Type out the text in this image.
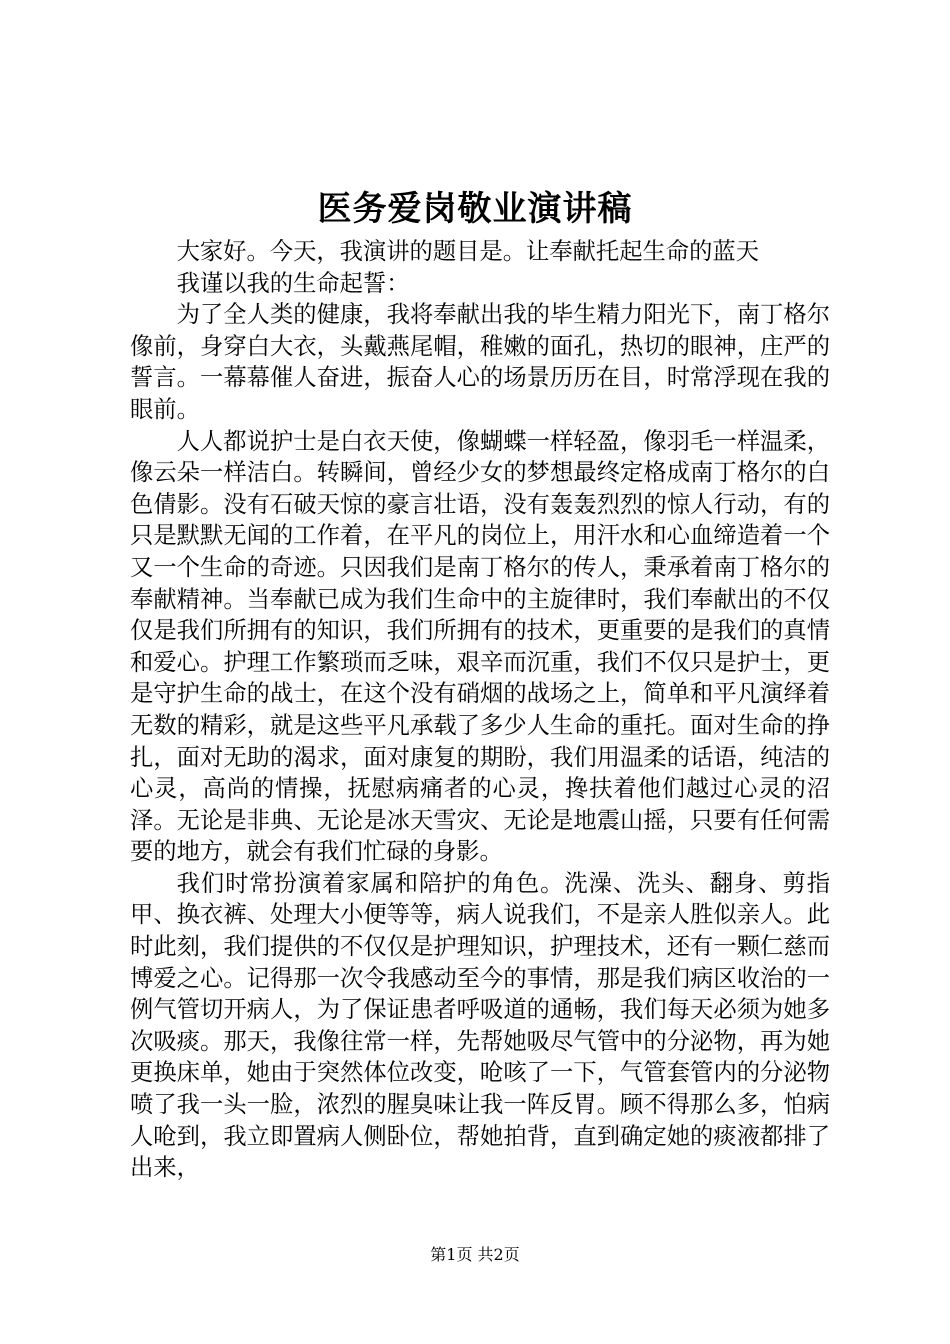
医务爱岗敬业演讲稿

大家好。今天，我演讲的题目是。让奉献托起生命的蓝天

我谨以我的生命起誓：

为了全人类的健康，我将奉献出我的毕生精力阳光下，南丁格尔像前，身穿白大衣，头戴燕尾帽，稚嫩的面孔，热切的眼神，庄严的誓言。一幕幕催人奋进，振奋人心的场景历历在目，时常浮现在我的眼前。

人人都说护士是白衣天使，像蝴蝶一样轻盈，像羽毛一样温柔，像云朵一样洁白。转瞬间，曾经少女的梦想最终定格成南丁格尔的白色倩影。没有石破天惊的豪言壮语，没有轰轰烈烈的惊人行动，有的只是默默无闻的工作着，在平凡的岗位上，用汗水和心血缔造着一个又一个生命的奇迹。只因我们是南丁格尔的传人，秉承着南丁格尔的奉献精神。当奉献已成为我们生命中的主旋律时，我们奉献出的不仅仅是我们所拥有的知识，我们所拥有的技术，更重要的是我们的真情和爱心。护理工作繁琐而乏味，艰辛而沉重，我们不仅只是护士，更是守护生命的战士，在这个没有硝烟的战场之上，简单和平凡演绎着无数的精彩，就是这些平凡承载了多少人生命的重托。面对生命的挣扎，面对无助的渴求，面对康复的期盼，我们用温柔的话语，纯洁的心灵，高尚的情操，抚慰病痛者的心灵，搀扶着他们越过心灵的沼泽。无论是非典、无论是冰天雪灾、无论是地震山摇，只要有任何需要的地方，就会有我们忙碌的身影。

我们时常扮演着家属和陪护的角色。洗澡、洗头、翻身、剪指甲、换衣裤、处理大小便等等，病人说我们，不是亲人胜似亲人。此时此刻，我们提供的不仅仅是护理知识，护理技术，还有一颗仁慈而博爱之心。记得那一次令我感动至今的事情，那是我们病区收治的一例气管切开病人，为了保证患者呼吸道的通畅，我们每天必须为她多次吸痰。那天，我像往常一样，先帮她吸尽气管中的分泌物，再为她更换床单，她由于突然体位改变，呛咳了一下，气管套管内的分泌物喷了我一头一脸，浓烈的腥臭味让我一阵反胃。顾不得那么多，怕病人呛到，我立即置病人侧卧位，帮她拍背，直到确定她的痰液都排了出来，

第1页 共2页
